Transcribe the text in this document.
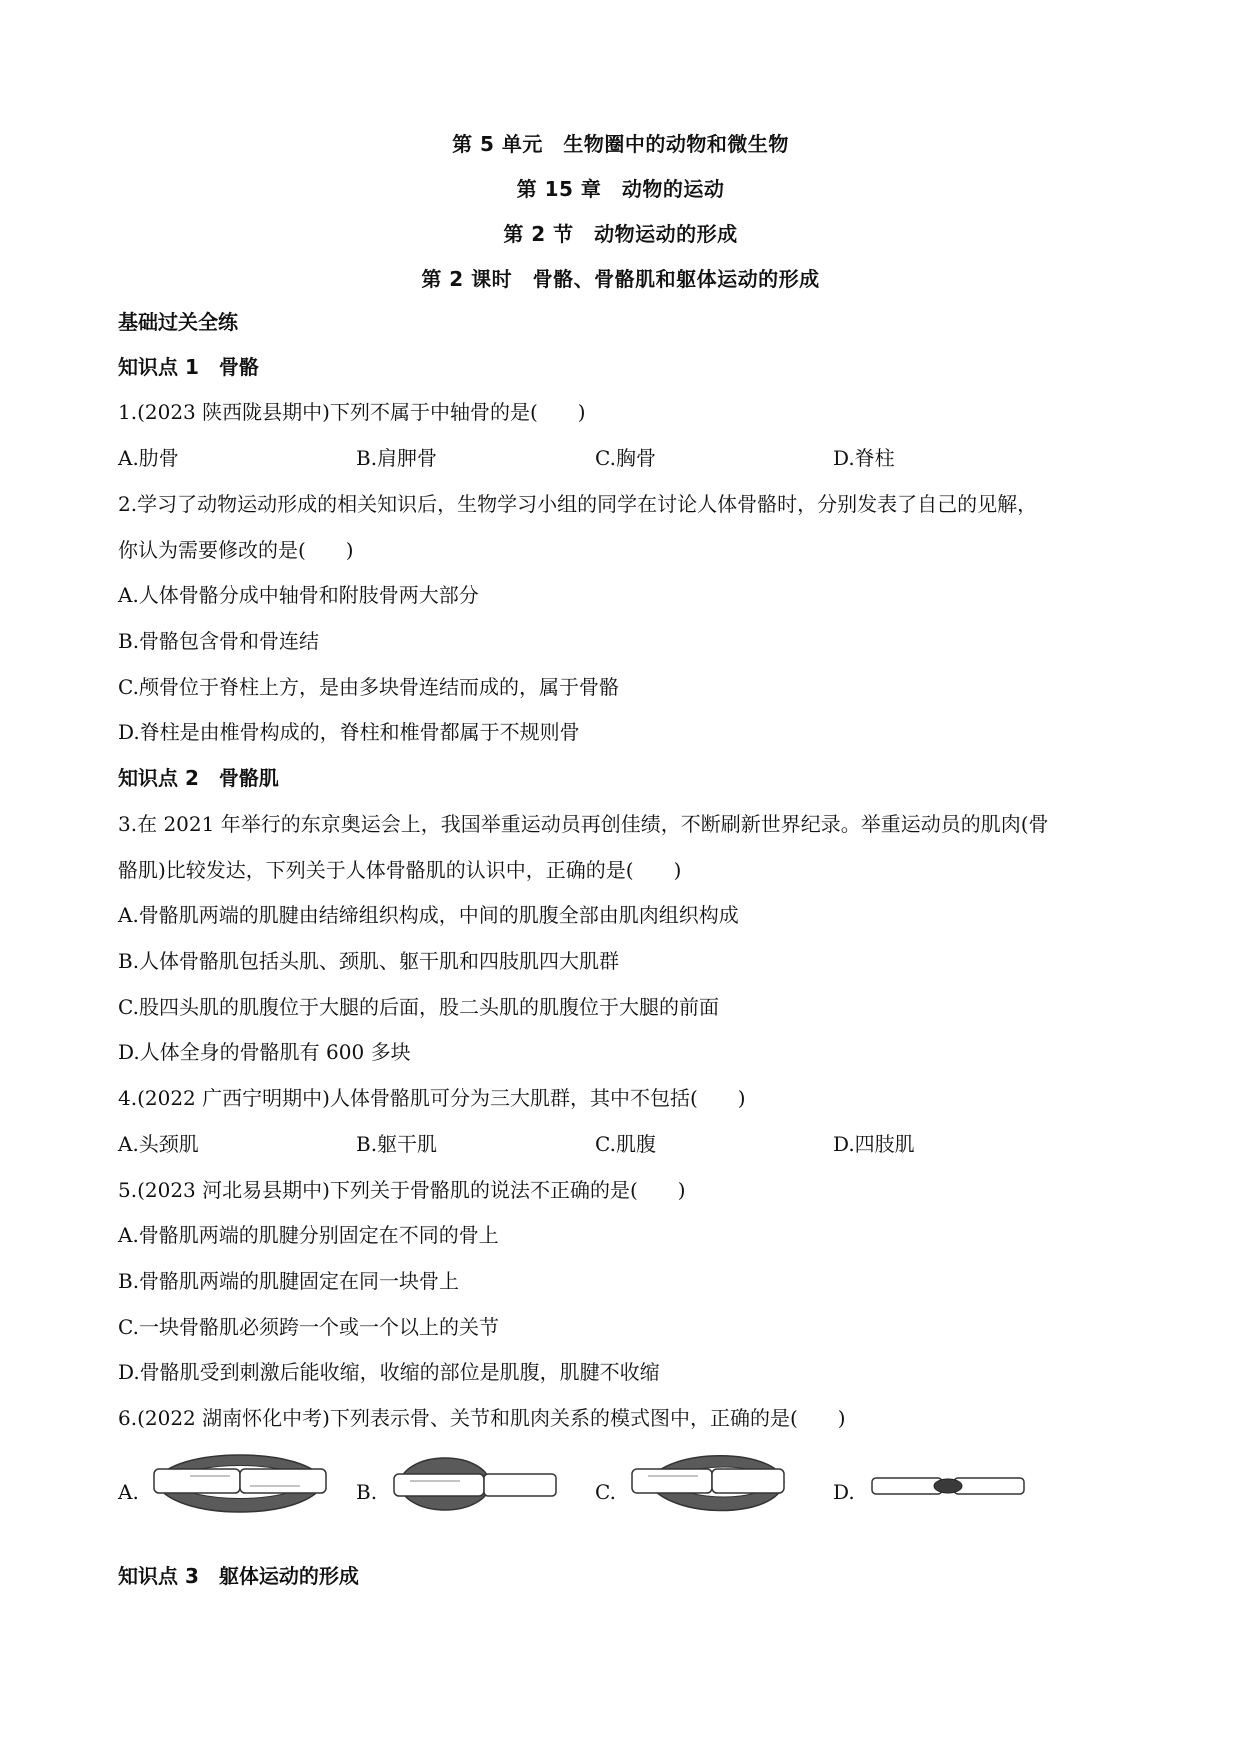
第 5 单元　生物圈中的动物和微生物
第 15 章　动物的运动
第 2 节　动物运动的形成
第 2 课时　骨骼、骨骼肌和躯体运动的形成
基础过关全练
知识点 1　骨骼
1.(2023 陕西陇县期中)下列不属于中轴骨的是(　　)
A.肋骨	B.肩胛骨	C.胸骨	D.脊柱
2.学习了动物运动形成的相关知识后，生物学习小组的同学在讨论人体骨骼时，分别发表了自己的见解，
你认为需要修改的是(　　)
A.人体骨骼分成中轴骨和附肢骨两大部分
B.骨骼包含骨和骨连结
C.颅骨位于脊柱上方，是由多块骨连结而成的，属于骨骼
D.脊柱是由椎骨构成的，脊柱和椎骨都属于不规则骨
知识点 2　骨骼肌
3.在 2021 年举行的东京奥运会上，我国举重运动员再创佳绩，不断刷新世界纪录。举重运动员的肌肉(骨
骼肌)比较发达，下列关于人体骨骼肌的认识中，正确的是(　　)
A.骨骼肌两端的肌腱由结缔组织构成，中间的肌腹全部由肌肉组织构成
B.人体骨骼肌包括头肌、颈肌、躯干肌和四肢肌四大肌群
C.股四头肌的肌腹位于大腿的后面，股二头肌的肌腹位于大腿的前面
D.人体全身的骨骼肌有 600 多块
4.(2022 广西宁明期中)人体骨骼肌可分为三大肌群，其中不包括(　　)
A.头颈肌	B.躯干肌	C.肌腹	D.四肢肌
5.(2023 河北易县期中)下列关于骨骼肌的说法不正确的是(　　)
A.骨骼肌两端的肌腱分别固定在不同的骨上
B.骨骼肌两端的肌腱固定在同一块骨上
C.一块骨骼肌必须跨一个或一个以上的关节
D.骨骼肌受到刺激后能收缩，收缩的部位是肌腹，肌腱不收缩
6.(2022 湖南怀化中考)下列表示骨、关节和肌肉关系的模式图中，正确的是(　　)
A.	B.	C.	D.
知识点 3　躯体运动的形成
